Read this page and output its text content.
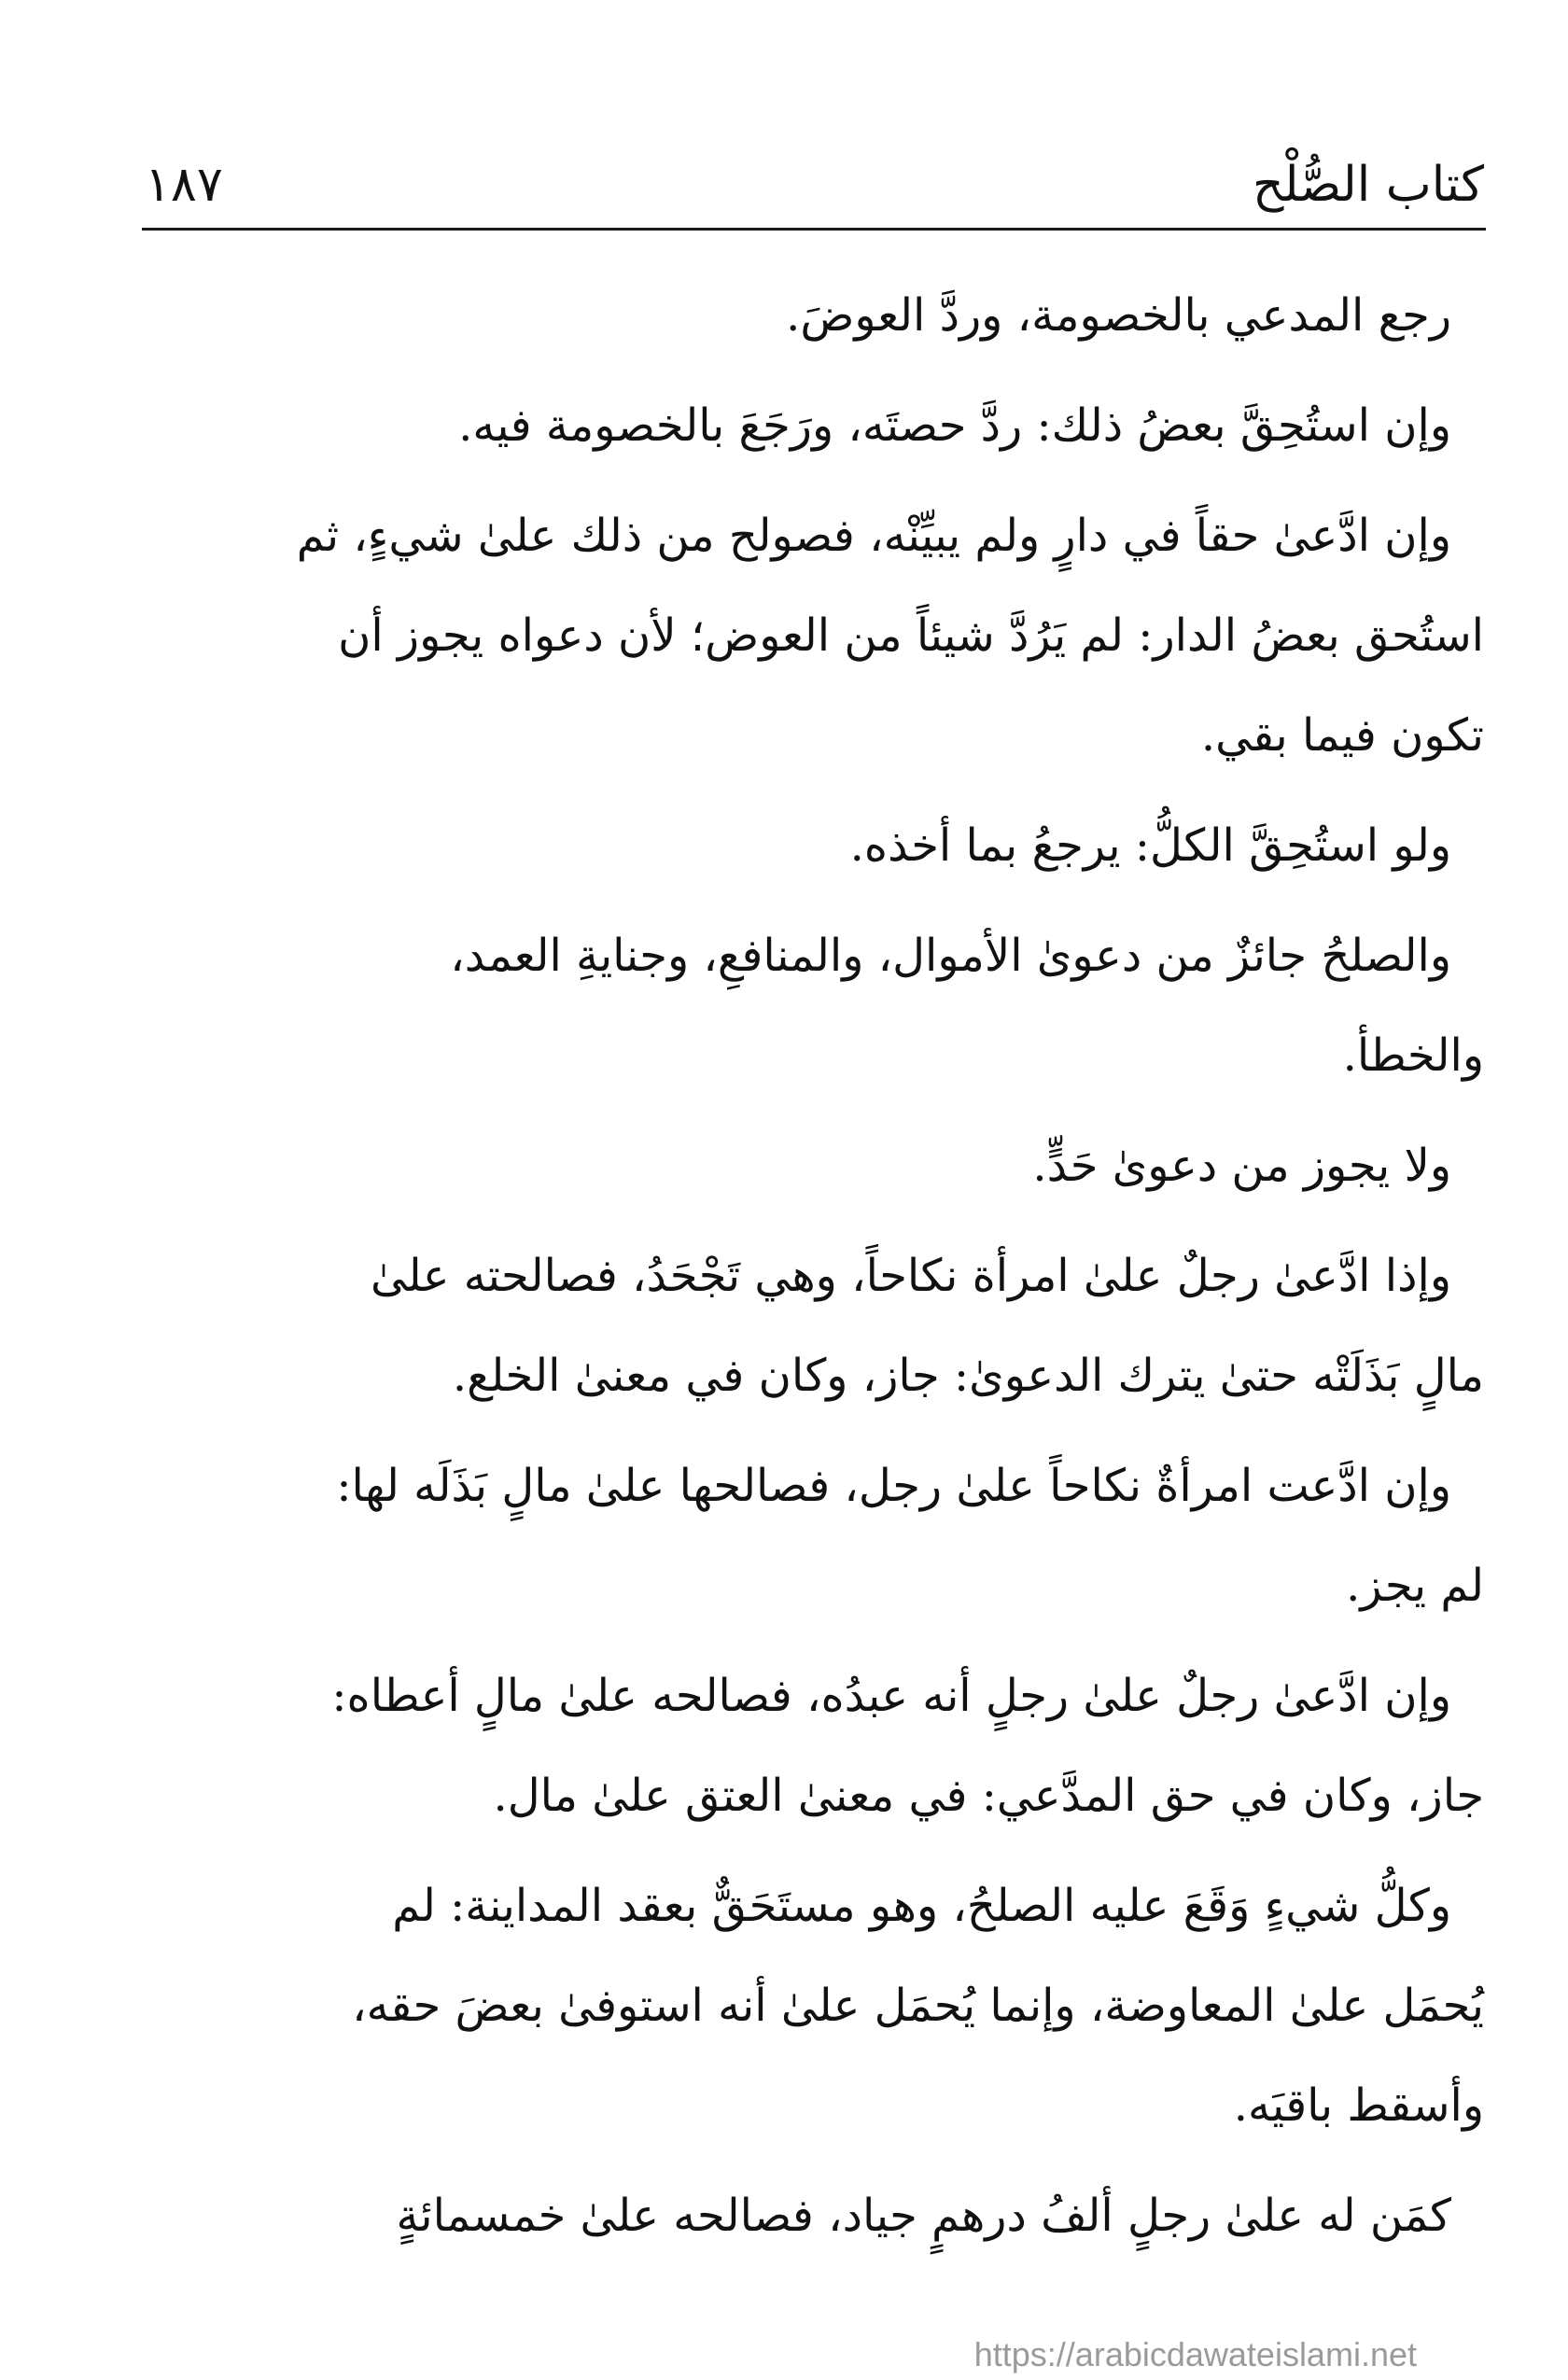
كتاب الصُّلْح
١٨٧

رجع المدعي بالخصومة، وردَّ العوضَ.

وإن استُحِقَّ بعضُ ذلك: ردَّ حصتَه، ورَجَعَ بالخصومة فيه.

وإن ادَّعىٰ حقاً في دارٍ ولم يبيِّنْه، فصولح من ذلك علىٰ شيءٍ، ثم
استُحق بعضُ الدار: لم يَرُدَّ شيئاً من العوض؛ لأن دعواه يجوز أن
تكون فيما بقي.

ولو استُحِقَّ الكلُّ: يرجعُ بما أخذه.

والصلحُ جائزٌ من دعوىٰ الأموال، والمنافعِ، وجنايةِ العمد،
والخطأ.

ولا يجوز من دعوىٰ حَدٍّ.

وإذا ادَّعىٰ رجلٌ علىٰ امرأة نكاحاً، وهي تَجْحَدُ، فصالحته علىٰ
مالٍ بَذَلَتْه حتىٰ يترك الدعوىٰ: جاز، وكان في معنىٰ الخلع.

وإن ادَّعت امرأةٌ نكاحاً علىٰ رجل، فصالحها علىٰ مالٍ بَذَلَه لها:
لم يجز.

وإن ادَّعىٰ رجلٌ علىٰ رجلٍ أنه عبدُه، فصالحه علىٰ مالٍ أعطاه:
جاز، وكان في حق المدَّعي: في معنىٰ العتق علىٰ مال.

وكلُّ شيءٍ وَقَعَ عليه الصلحُ، وهو مستَحَقٌّ بعقد المداينة: لم
يُحمَل علىٰ المعاوضة، وإنما يُحمَل علىٰ أنه استوفىٰ بعضَ حقه،
وأسقط باقيَه.

كمَن له علىٰ رجلٍ ألفُ درهمٍ جياد، فصالحه علىٰ خمسمائةٍ

https://arabicdawateislami.net
